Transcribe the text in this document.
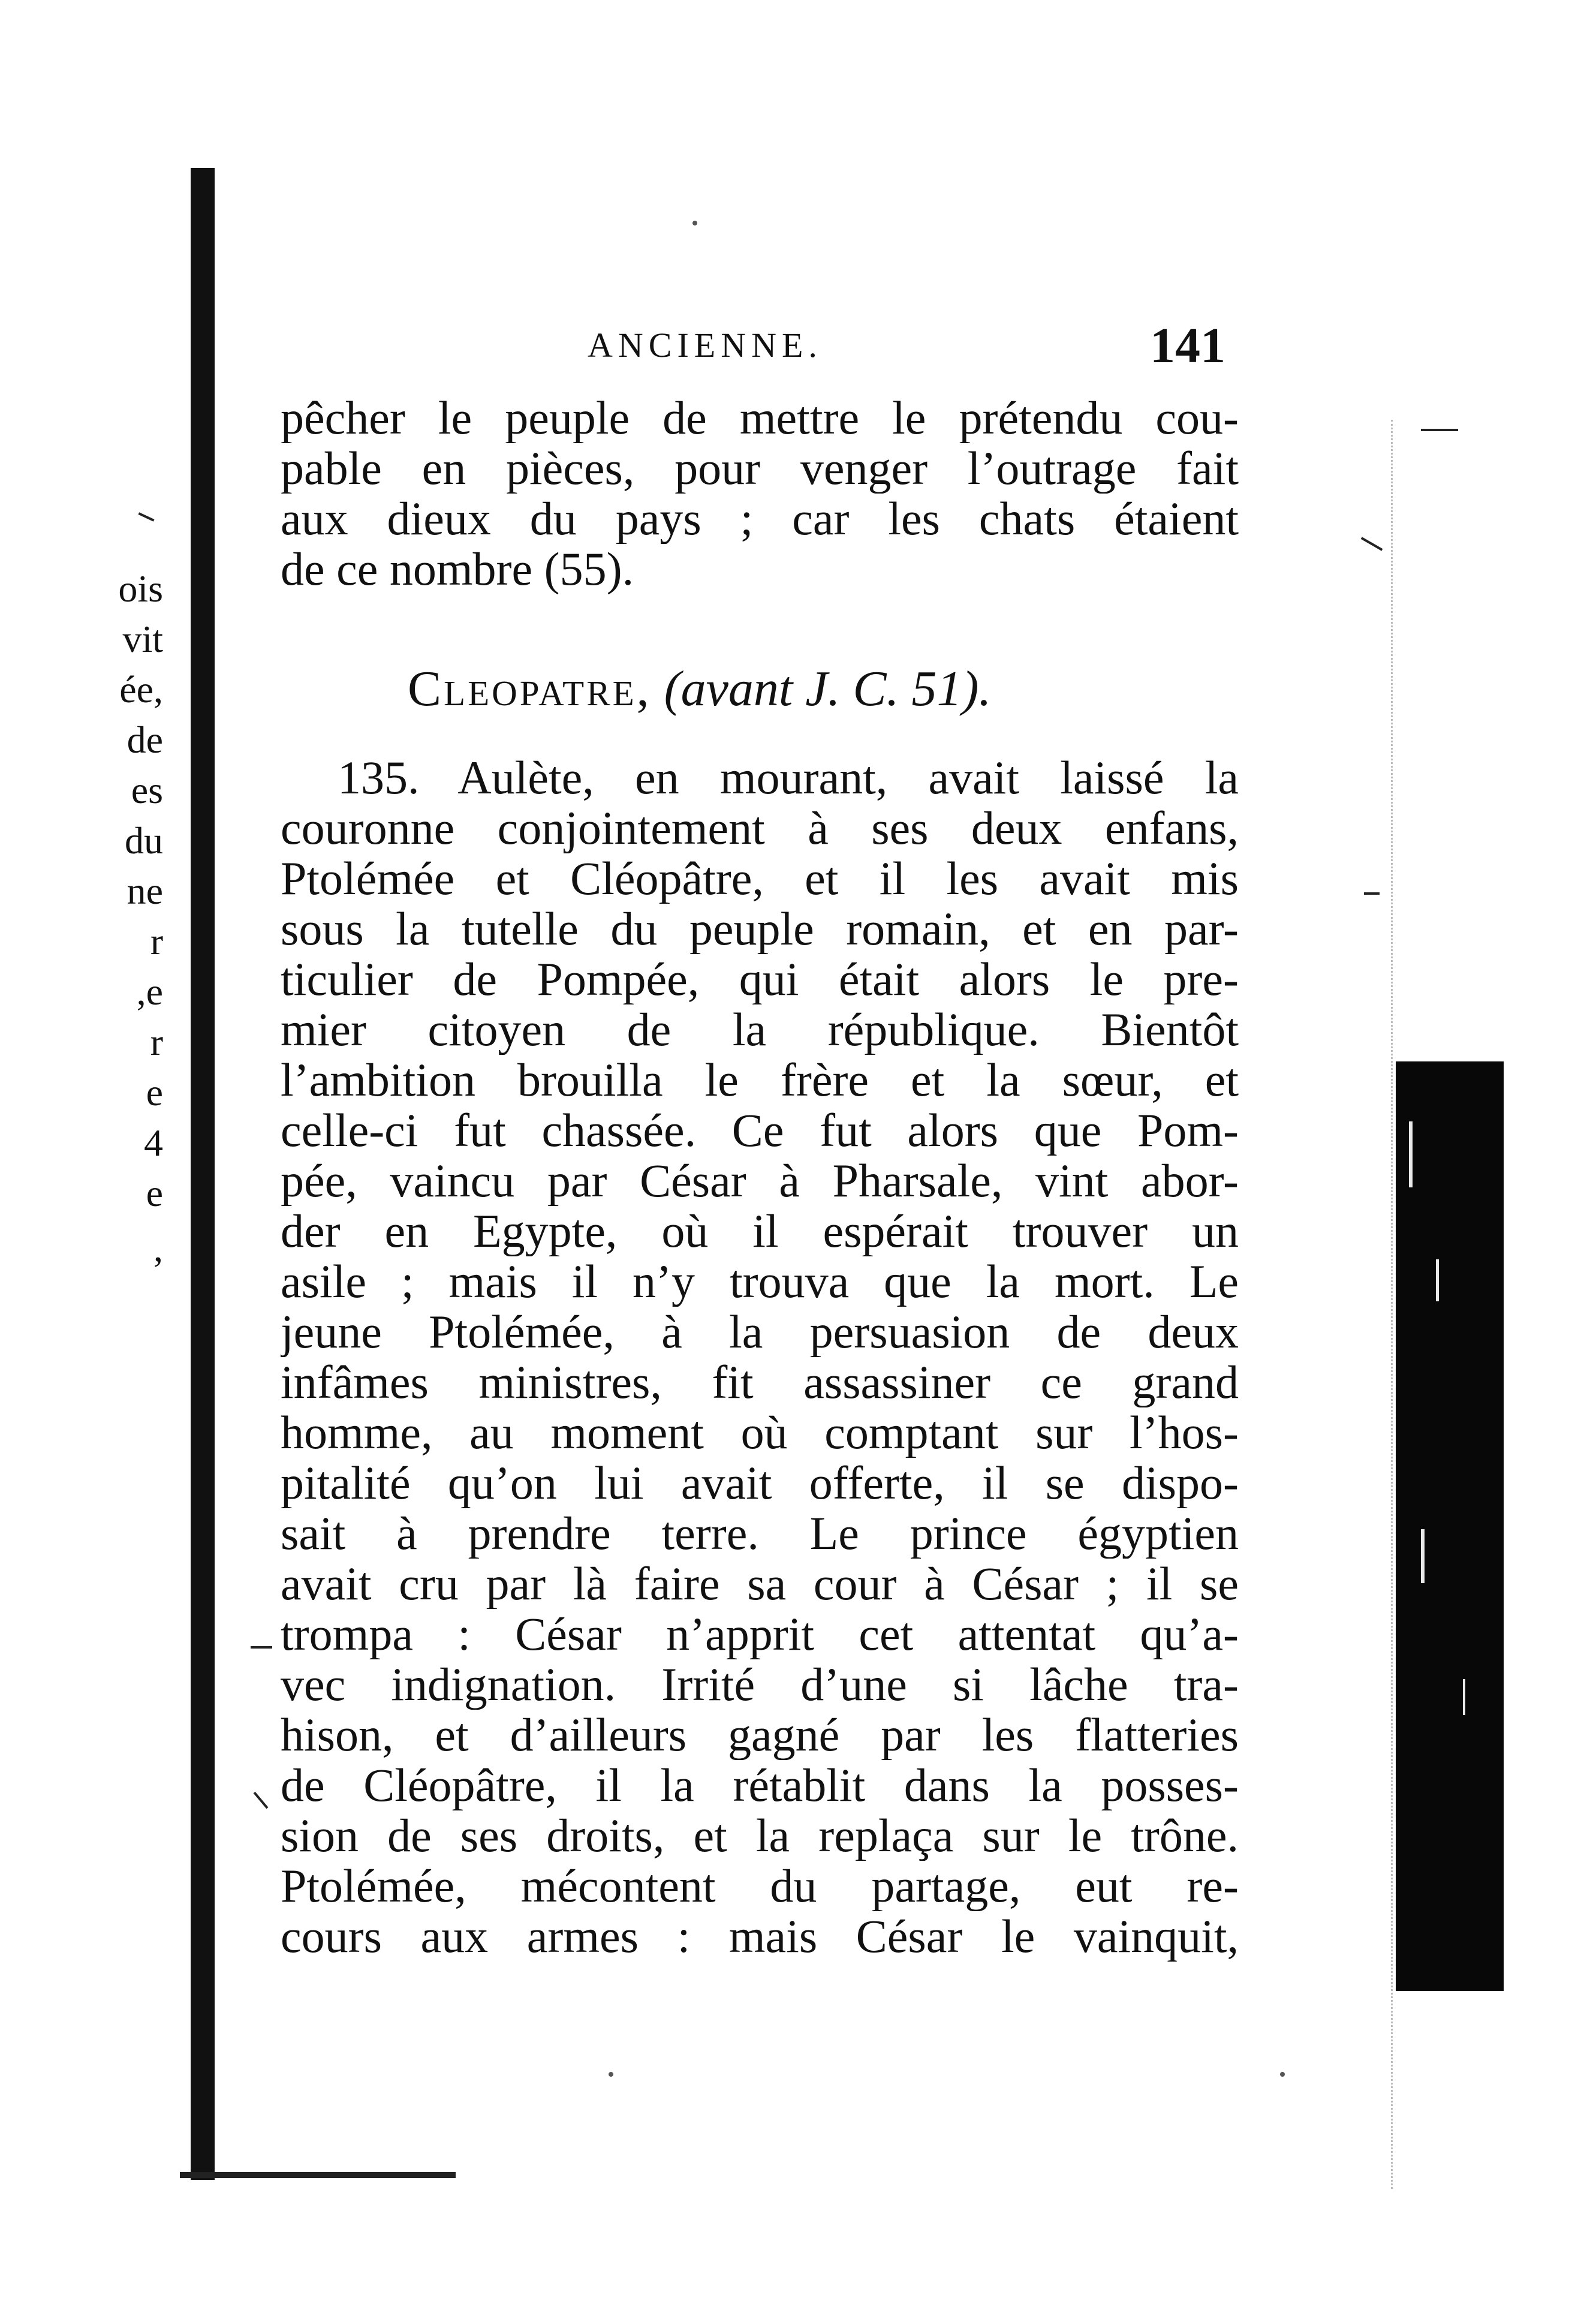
ois
vit
ée,
de
es
du
ne
r
,e
r
e
4
e
,
ANCIENNE.	141
pêcher le peuple de mettre le prétendu cou-
pable en pièces, pour venger l’outrage fait
aux dieux du pays ; car les chats étaient
de ce nombre (55).
Cleopatre, (avant J. C. 51).
135. Aulète, en mourant, avait laissé la
couronne conjointement à ses deux enfans,
Ptolémée et Cléopâtre, et il les avait mis
sous la tutelle du peuple romain, et en par-
ticulier de Pompée, qui était alors le pre-
mier citoyen de la république. Bientôt
l’ambition brouilla le frère et la sœur, et
celle-ci fut chassée. Ce fut alors que Pom-
pée, vaincu par César à Pharsale, vint abor-
der en Egypte, où il espérait trouver un
asile ; mais il n’y trouva que la mort. Le
jeune Ptolémée, à la persuasion de deux
infâmes ministres, fit assassiner ce grand
homme, au moment où comptant sur l’hos-
pitalité qu’on lui avait offerte, il se dispo-
sait à prendre terre. Le prince égyptien
avait cru par là faire sa cour à César ; il se
trompa : César n’apprit cet attentat qu’a-
vec indignation. Irrité d’une si lâche tra-
hison, et d’ailleurs gagné par les flatteries
de Cléopâtre, il la rétablit dans la posses-
sion de ses droits, et la replaça sur le trône.
Ptolémée, mécontent du partage, eut re-
cours aux armes : mais César le vainquit,
